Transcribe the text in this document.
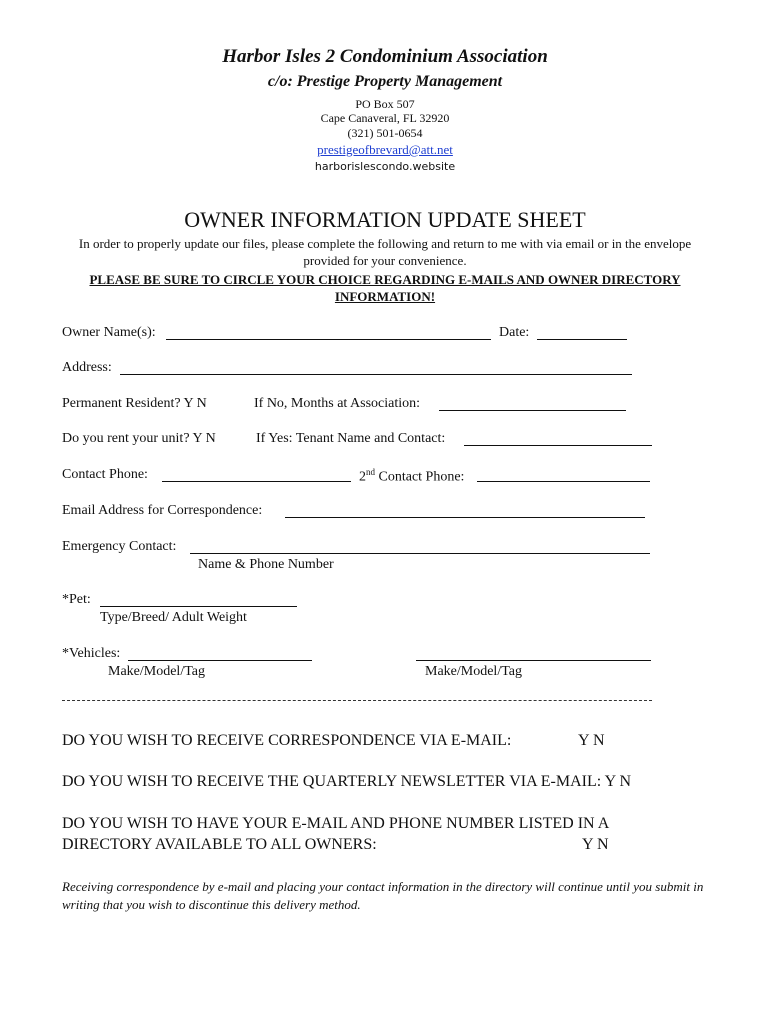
Harbor Isles 2 Condominium Association
c/o: Prestige Property Management
PO Box 507
Cape Canaveral, FL 32920
(321) 501-0654
prestigeofbrevard@att.net
harborislescondo.website
OWNER INFORMATION UPDATE SHEET
In order to properly update our files, please complete the following and return to me with via email or in the envelope provided for your convenience.
PLEASE BE SURE TO CIRCLE YOUR CHOICE REGARDING E-MAILS AND OWNER DIRECTORY INFORMATION!
Owner Name(s):	Date:
Address:
Permanent Resident? Y N	If No, Months at Association:
Do you rent your unit? Y N	If Yes: Tenant Name and Contact:
Contact Phone:	2nd Contact Phone:
Email Address for Correspondence:
Emergency Contact:
Name & Phone Number
*Pet:
Type/Breed/ Adult Weight
*Vehicles:
Make/Model/Tag	Make/Model/Tag
DO YOU WISH TO RECEIVE CORRESPONDENCE VIA E-MAIL:	Y N
DO YOU WISH TO RECEIVE THE QUARTERLY NEWSLETTER VIA E-MAIL: Y N
DO YOU WISH TO HAVE YOUR E-MAIL AND PHONE NUMBER LISTED IN A
DIRECTORY AVAILABLE TO ALL OWNERS:	Y N
Receiving correspondence by e-mail and placing your contact information in the directory will continue until you submit in writing that you wish to discontinue this delivery method.
